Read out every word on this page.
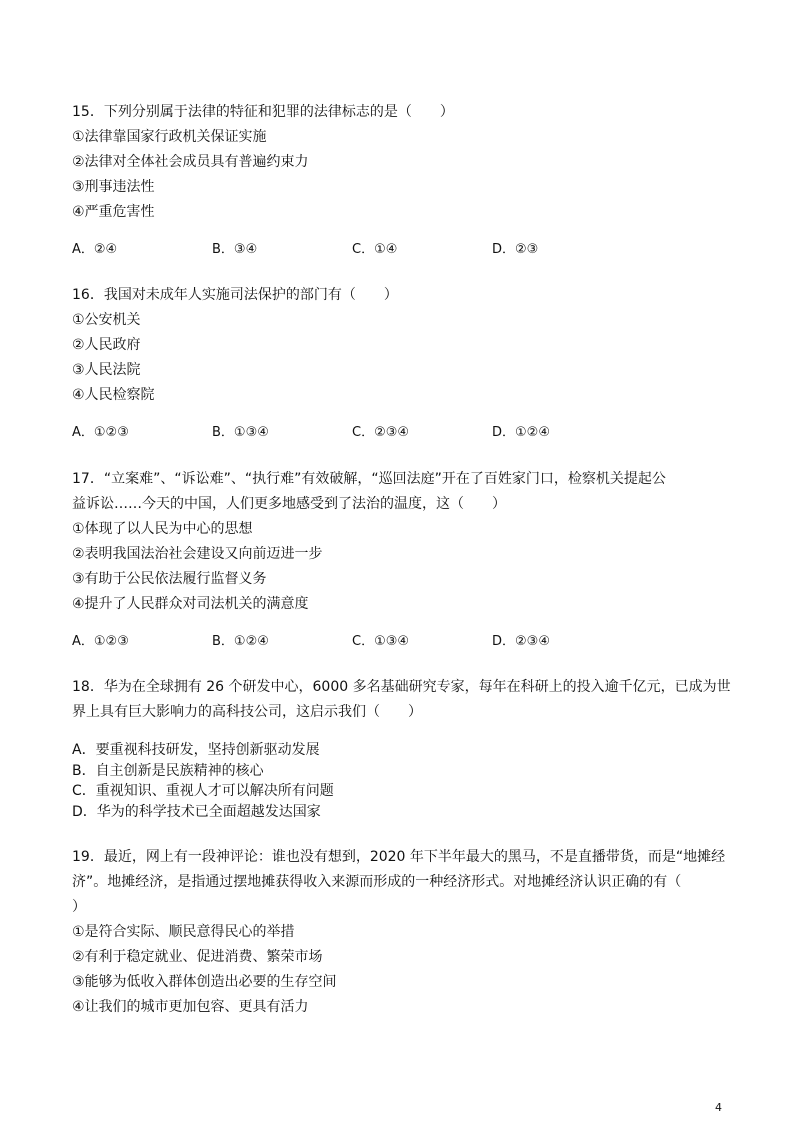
15．下列分别属于法律的特征和犯罪的法律标志的是（　　）
①法律靠国家行政机关保证实施
②法律对全体社会成员具有普遍约束力
③刑事违法性
④严重危害性
A．②④	B．③④	C．①④	D．②③
16．我国对未成年人实施司法保护的部门有（　　）
①公安机关
②人民政府
③人民法院
④人民检察院
A．①②③	B．①③④	C．②③④	D．①②④
17．“立案难”、“诉讼难”、“执行难”有效破解，“巡回法庭”开在了百姓家门口，检察机关提起公
益诉讼……今天的中国，人们更多地感受到了法治的温度，这（　　）
①体现了以人民为中心的思想
②表明我国法治社会建设又向前迈进一步
③有助于公民依法履行监督义务
④提升了人民群众对司法机关的满意度
A．①②③	B．①②④	C．①③④	D．②③④
18．华为在全球拥有 26 个研发中心，6000 多名基础研究专家，每年在科研上的投入逾千亿元，已成为世
界上具有巨大影响力的高科技公司，这启示我们（　　）
A．要重视科技研发，坚持创新驱动发展
B．自主创新是民族精神的核心
C．重视知识、重视人才可以解决所有问题
D．华为的科学技术已全面超越发达国家
19．最近，网上有一段神评论：谁也没有想到，2020 年下半年最大的黑马，不是直播带货，而是“地摊经
济”。地摊经济，是指通过摆地摊获得收入来源而形成的一种经济形式。对地摊经济认识正确的有（
）
①是符合实际、顺民意得民心的举措
②有利于稳定就业、促进消费、繁荣市场
③能够为低收入群体创造出必要的生存空间
④让我们的城市更加包容、更具有活力
4
